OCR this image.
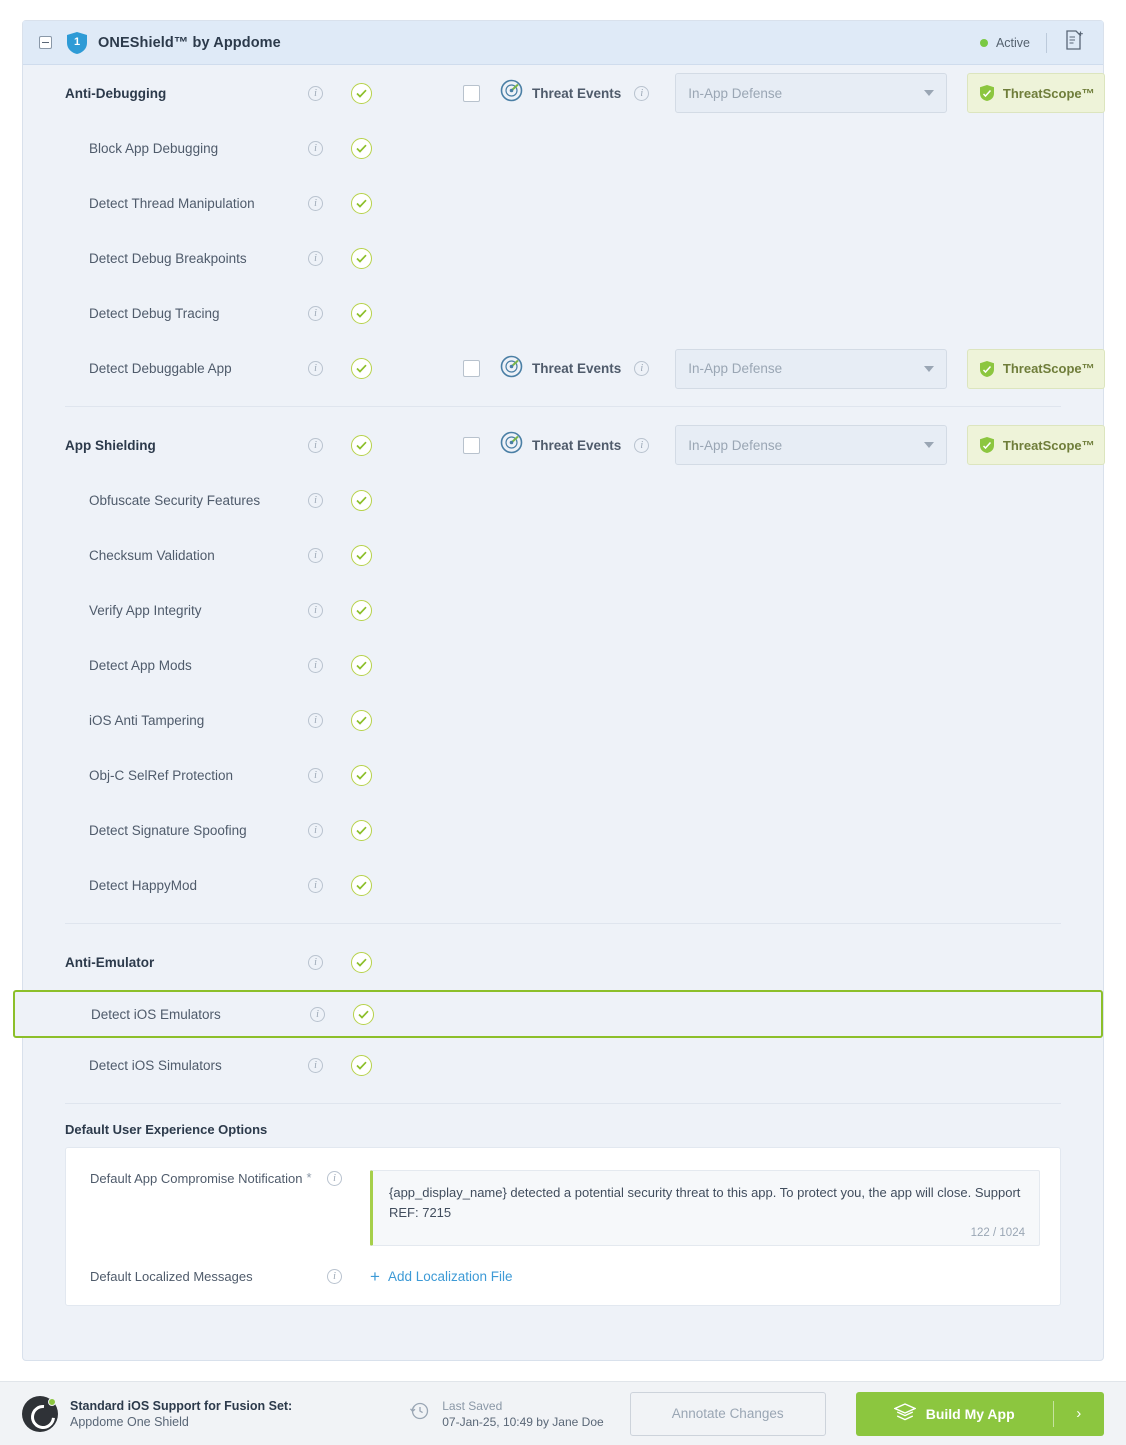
1	ONEShield™ by Appdome	Active
Anti-Debugging	i	Threat Events	i	In-App Defense	ThreatScope™
Block App Debugging	i
Detect Thread Manipulation	i
Detect Debug Breakpoints	i
Detect Debug Tracing	i
Detect Debuggable App	i	Threat Events	i	In-App Defense	ThreatScope™
App Shielding	i	Threat Events	i	In-App Defense	ThreatScope™
Obfuscate Security Features	i
Checksum Validation	i
Verify App Integrity	i
Detect App Mods	i
iOS Anti Tampering	i
Obj-C SelRef Protection	i
Detect Signature Spoofing	i
Detect HappyMod	i
Anti-Emulator	i
Detect iOS Emulators	i
Detect iOS Simulators	i
Default User Experience Options
Default App Compromise Notification *	i
{app_display_name} detected a potential security threat to this app. To protect you, the app will close. Support REF: 7215
122 / 1024
Default Localized Messages	i	+ Add Localization File
Standard iOS Support for Fusion Set:
Appdome One Shield
Last Saved
07-Jan-25, 10:49 by Jane Doe
Annotate Changes	Build My App	›
